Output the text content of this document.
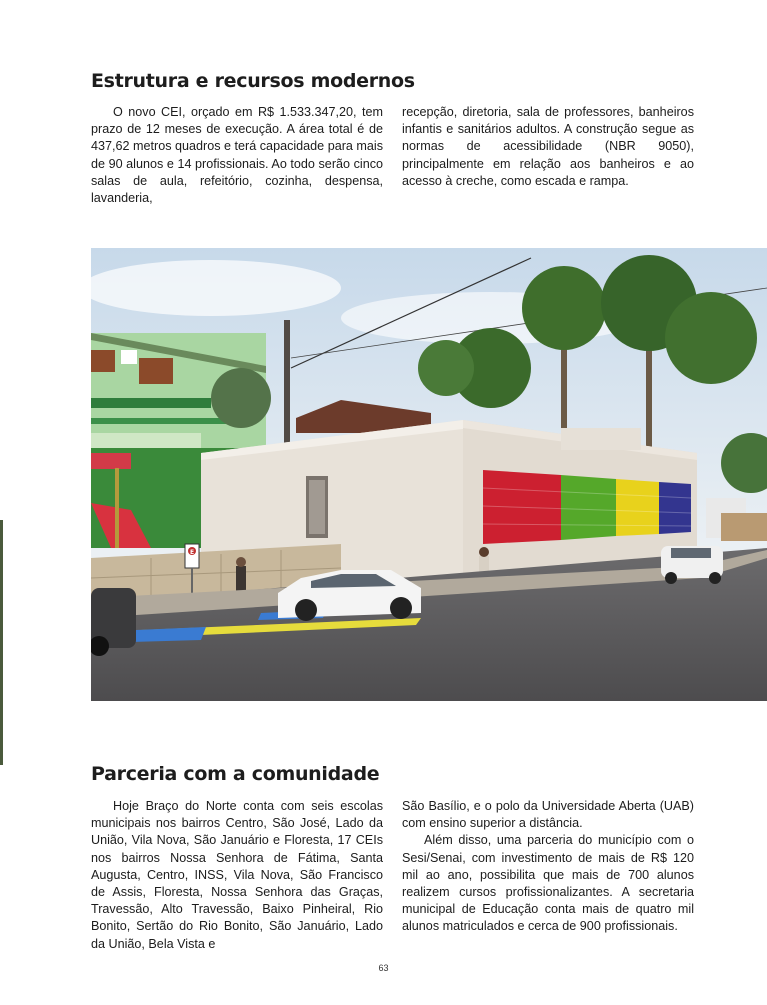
Estrutura e recursos modernos

O novo CEI, orçado em R$ 1.533.347,20, tem prazo de 12 meses de execução. A área total é de 437,62 metros quadros e terá capacidade para mais de 90 alunos e 14 profissionais. Ao todo serão cinco salas de aula, refeitório, cozinha, despensa, lavanderia,

recepção, diretoria, sala de professores, banheiros infantis e sanitários adultos. A construção segue as normas de acessibilidade (NBR 9050), principalmente em relação aos banheiros e ao acesso à creche, como escada e rampa.

E
Parceria com a comunidade

Hoje Braço do Norte conta com seis escolas municipais nos bairros Centro, São José, Lado da União, Vila Nova, São Januário e Floresta, 17 CEIs nos bairros Nossa Senhora de Fátima, Santa Augusta, Centro, INSS, Vila Nova, São Francisco de Assis, Floresta, Nossa Senhora das Graças, Travessão, Alto Travessão, Baixo Pinheiral, Rio Bonito, Sertão do Rio Bonito, São Januário, Lado da União, Bela Vista e

São Basílio, e o polo da Universidade Aberta (UAB) com ensino superior a distância.

Além disso, uma parceria do município com o Sesi/Senai, com investimento de mais de R$ 120 mil ao ano, possibilita que mais de 700 alunos realizem cursos profissionalizantes. A secretaria municipal de Educação conta mais de quatro mil alunos matriculados e cerca de 900 profissionais.

63
